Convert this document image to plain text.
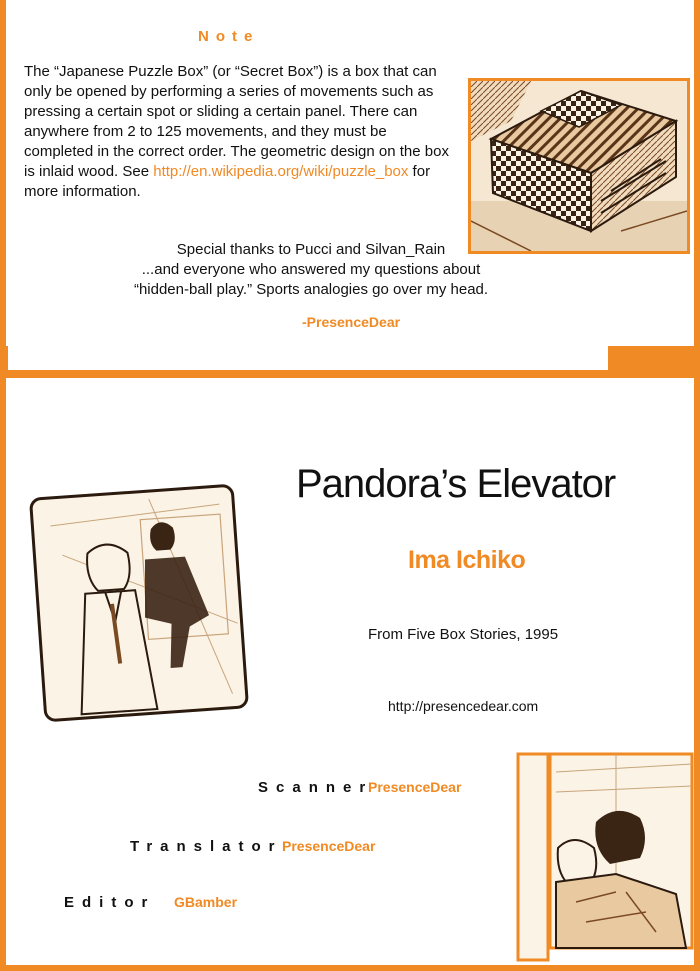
Note
The “Japanese Puzzle Box” (or “Secret Box”) is a box that can only be opened by performing a series of movements such as pressing a certain spot or sliding a certain panel. There can anywhere from 2 to 125 movements, and they must be completed in the correct order. The geometric design on the box is inlaid wood. See http://en.wikipedia.org/wiki/puzzle_box for more information.
Special thanks to Pucci and Silvan_Rain
...and everyone who answered my questions about
“hidden-ball play.” Sports analogies go over my head.
-PresenceDear
Pandora’s Elevator
Ima Ichiko
From Five Box Stories, 1995
http://presencedear.com
Scanner
PresenceDear
Translator PresenceDear
Editor GBamber
